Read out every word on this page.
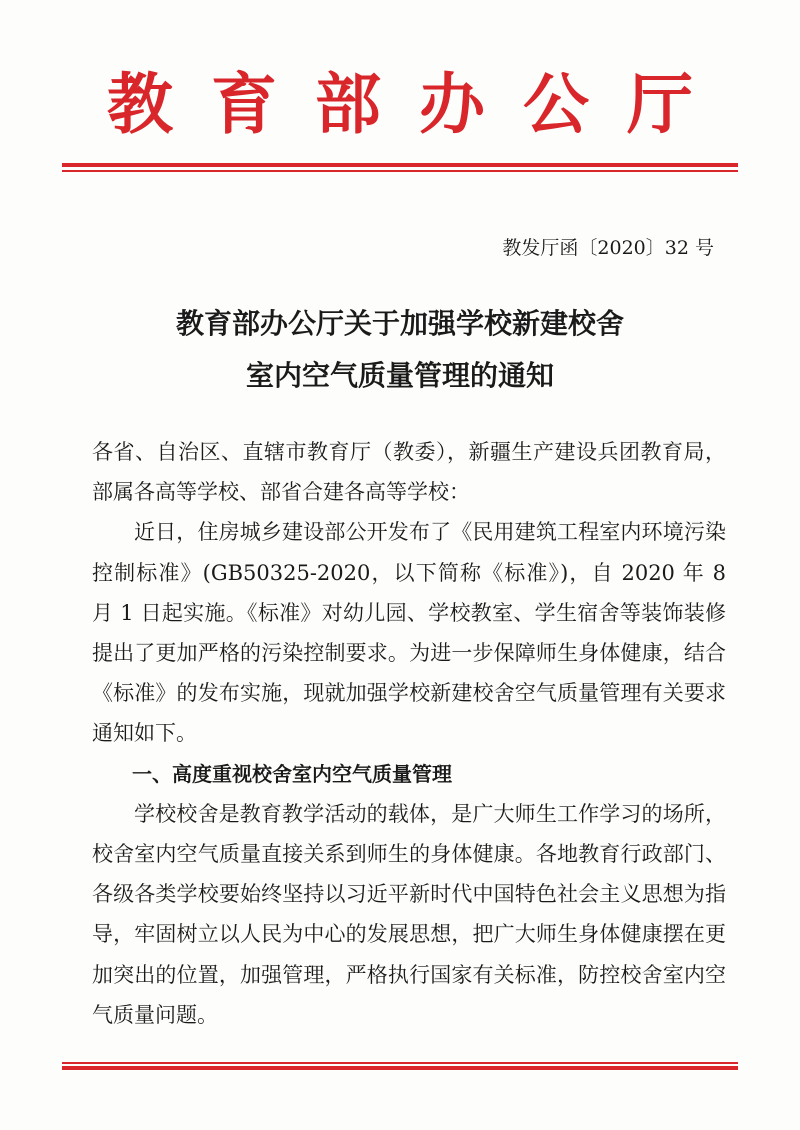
教育部办公厅
教发厅函〔2020〕32 号
教育部办公厅关于加强学校新建校舍
室内空气质量管理的通知

各省、自治区、直辖市教育厅（教委），新疆生产建设兵团教育局，部属各高等学校、部省合建各高等学校：

近日，住房城乡建设部公开发布了《民用建筑工程室内环境污染控制标准》(GB50325-2020，以下简称《标准》)，自 2020 年 8 月 1 日起实施。《标准》对幼儿园、学校教室、学生宿舍等装饰装修提出了更加严格的污染控制要求。为进一步保障师生身体健康，结合《标准》的发布实施，现就加强学校新建校舍空气质量管理有关要求通知如下。

一、高度重视校舍室内空气质量管理

学校校舍是教育教学活动的载体，是广大师生工作学习的场所，校舍室内空气质量直接关系到师生的身体健康。各地教育行政部门、各级各类学校要始终坚持以习近平新时代中国特色社会主义思想为指导，牢固树立以人民为中心的发展思想，把广大师生身体健康摆在更加突出的位置，加强管理，严格执行国家有关标准，防控校舍室内空气质量问题。
